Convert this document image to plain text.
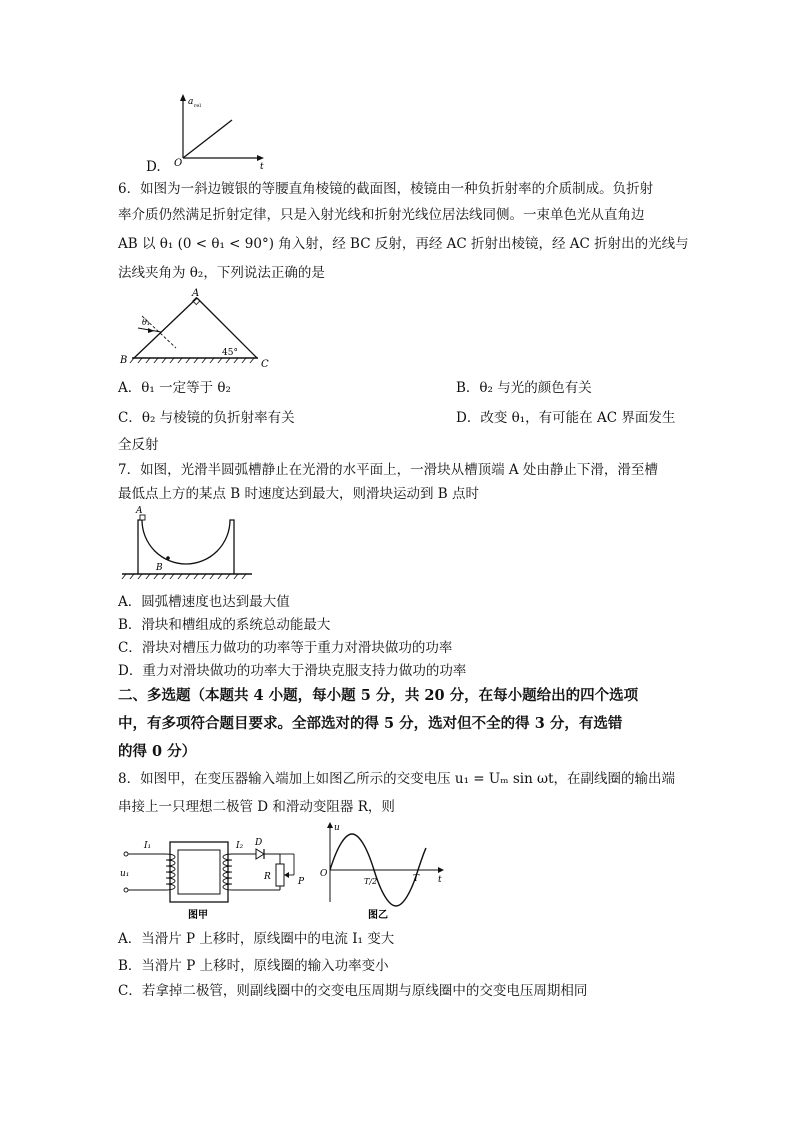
a rel
O	t
D.
6．如图为一斜边镀银的等腰直角棱镜的截面图，棱镜由一种负折射率的介质制成。负折射
率介质仍然满足折射定律，只是入射光线和折射光线位居法线同侧。一束单色光从直角边
AB 以 θ₁ (0 < θ₁ < 90°) 角入射，经 BC 反射，再经 AC 折射出棱镜，经 AC 折射出的光线与
法线夹角为 θ₂，下列说法正确的是
A
B	C
45°
θ₁
A．θ₁ 一定等于 θ₂	B．θ₂ 与光的颜色有关
C．θ₂ 与棱镜的负折射率有关	D．改变 θ₁，有可能在 AC 界面发生
全反射
7．如图，光滑半圆弧槽静止在光滑的水平面上，一滑块从槽顶端 A 处由静止下滑，滑至槽
最低点上方的某点 B 时速度达到最大，则滑块运动到 B 点时
A
B
A．圆弧槽速度也达到最大值
B．滑块和槽组成的系统总动能最大
C．滑块对槽压力做功的功率等于重力对滑块做功的功率
D．重力对滑块做功的功率大于滑块克服支持力做功的功率
二、多选题（本题共 4 小题，每小题 5 分，共 20 分，在每小题给出的四个选项
中，有多项符合题目要求。全部选对的得 5 分，选对但不全的得 3 分，有选错
的得 0 分）
8．如图甲，在变压器输入端加上如图乙所示的交变电压 u₁ = Uₘ sin ωt，在副线圈的输出端
串接上一只理想二极管 D 和滑动变阻器 R，则
I₁	I₂
u₁
D
R	P
图甲
u
O
T/2	T t
图乙
A．当滑片 P 上移时，原线圈中的电流 I₁ 变大
B．当滑片 P 上移时，原线圈的输入功率变小
C．若拿掉二极管，则副线圈中的交变电压周期与原线圈中的交变电压周期相同
